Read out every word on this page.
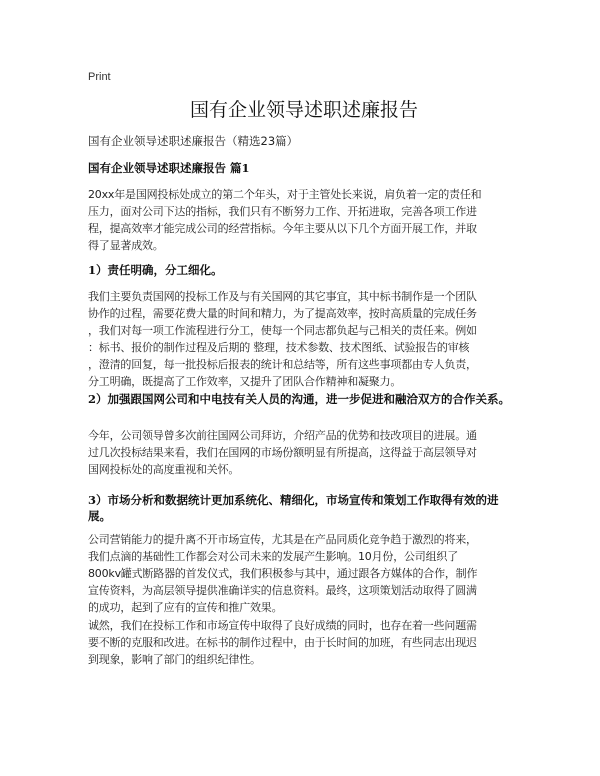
Print
国有企业领导述职述廉报告

国有企业领导述职述廉报告（精选23篇）

国有企业领导述职述廉报告 篇1

20xx年是国网投标处成立的第二个年头，对于主管处长来说，肩负着一定的责任和
压力，面对公司下达的指标，我们只有不断努力工作、开拓进取，完善各项工作进
程，提高效率才能完成公司的经营指标。今年主要从以下几个方面开展工作，并取
得了显著成效。

1）责任明确，分工细化。

我们主要负责国网的投标工作及与有关国网的其它事宜，其中标书制作是一个团队
协作的过程，需要花费大量的时间和精力，为了提高效率，按时高质量的完成任务
，我们对每一项工作流程进行分工，使每一个同志都负起与己相关的责任来。例如
：标书、报价的制作过程及后期的 整理，技术参数、技术图纸、试验报告的审核
，澄清的回复，每一批投标后报表的统计和总结等，所有这些事项都由专人负责，
分工明确，既提高了工作效率，又提升了团队合作精神和凝聚力。

2）加强跟国网公司和中电技有关人员的沟通，进一步促进和融洽双方的合作关系。

今年，公司领导曾多次前往国网公司拜访，介绍产品的优势和技改项目的进展。通
过几次投标结果来看，我们在国网的市场份额明显有所提高，这得益于高层领导对
国网投标处的高度重视和关怀。
3）市场分析和数据统计更加系统化、精细化，市场宣传和策划工作取得有效的进
展。
公司营销能力的提升离不开市场宣传，尤其是在产品同质化竞争趋于激烈的将来，
我们点滴的基础性工作都会对公司未来的发展产生影响。10月份，公司组织了
800kv罐式断路器的首发仪式，我们积极参与其中，通过跟各方媒体的合作，制作
宣传资料，为高层领导提供准确详实的信息资料。最终，这项策划活动取得了圆满
的成功，起到了应有的宣传和推广效果。
诚然，我们在投标工作和市场宣传中取得了良好成绩的同时，也存在着一些问题需
要不断的克服和改进。在标书的制作过程中，由于长时间的加班，有些同志出现迟
到现象，影响了部门的组织纪律性。
